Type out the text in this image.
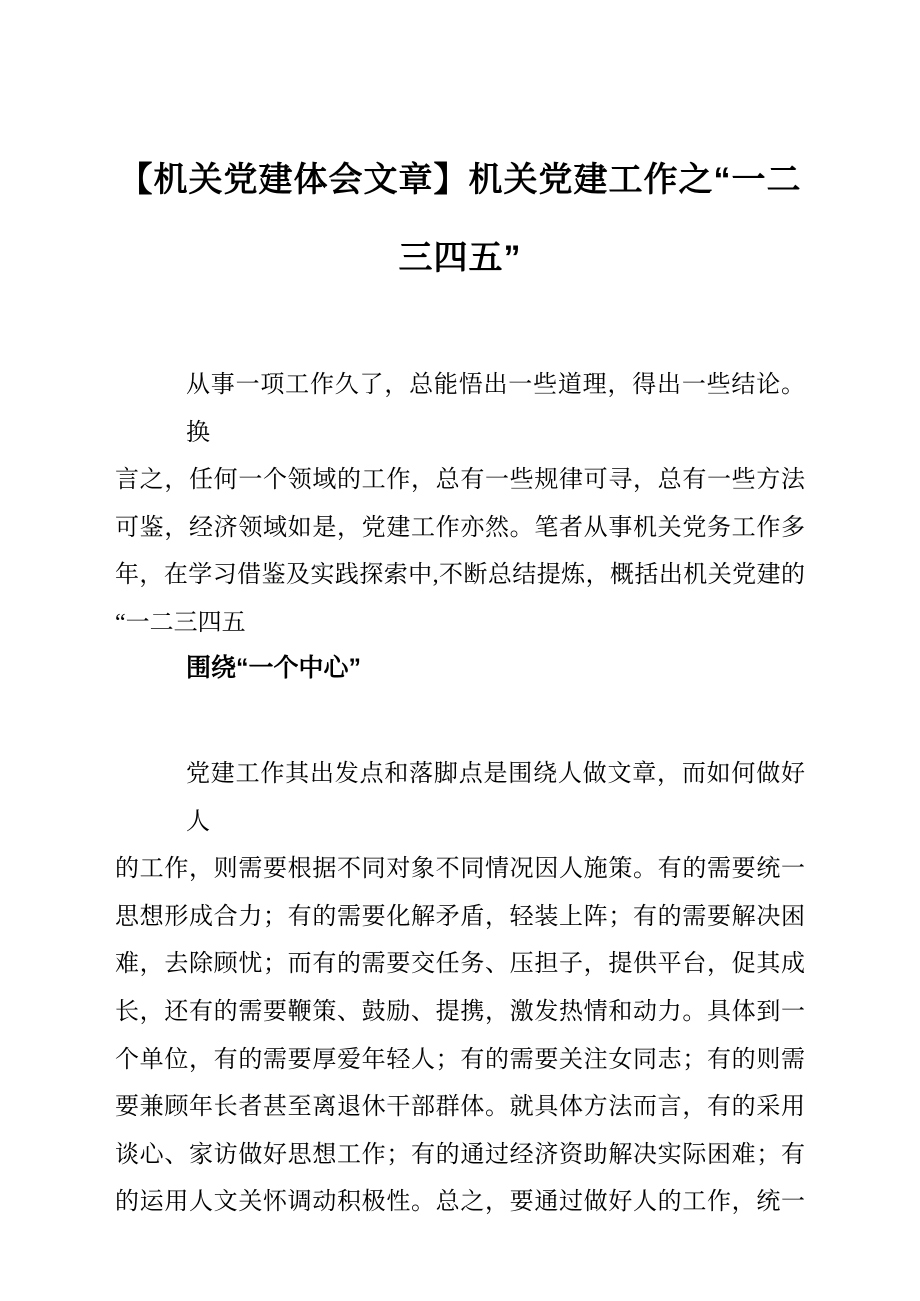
【机关党建体会文章】机关党建工作之“一二
三四五”
从事一项工作久了，总能悟出一些道理，得出一些结论。换
言之，任何一个领域的工作，总有一些规律可寻，总有一些方法
可鉴，经济领域如是，党建工作亦然。笔者从事机关党务工作多
年，在学习借鉴及实践探索中,不断总结提炼，概括出机关党建的
“一二三四五
围绕“一个中心”
党建工作其出发点和落脚点是围绕人做文章，而如何做好人
的工作，则需要根据不同对象不同情况因人施策。有的需要统一
思想形成合力；有的需要化解矛盾，轻装上阵；有的需要解决困
难，去除顾忧；而有的需要交任务、压担子，提供平台，促其成
长，还有的需要鞭策、鼓励、提携，激发热情和动力。具体到一
个单位，有的需要厚爱年轻人；有的需要关注女同志；有的则需
要兼顾年长者甚至离退休干部群体。就具体方法而言，有的采用
谈心、家访做好思想工作；有的通过经济资助解决实际困难；有
的运用人文关怀调动积极性。总之，要通过做好人的工作，统一
